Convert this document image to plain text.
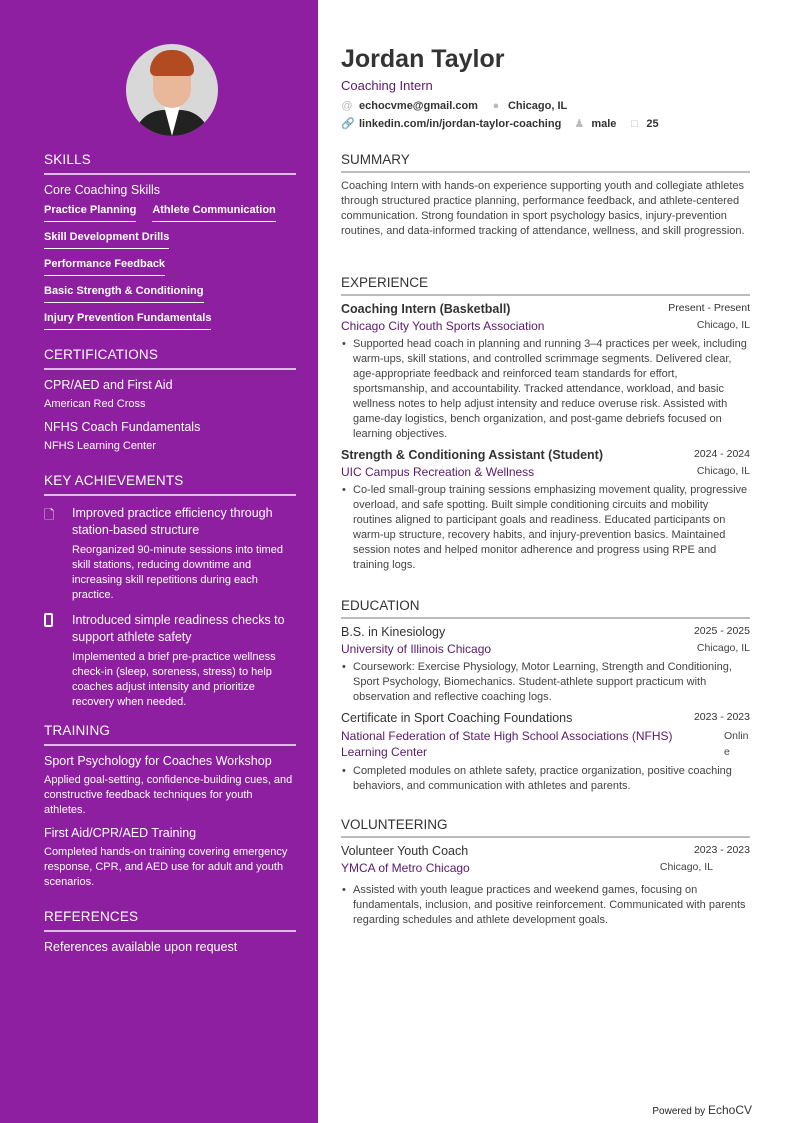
SKILLS
Core Coaching Skills
Practice Planning Athlete Communication
Skill Development Drills
Performance Feedback
Basic Strength & Conditioning
Injury Prevention Fundamentals
CERTIFICATIONS
CPR/AED and First Aid
American Red Cross
NFHS Coach Fundamentals
NFHS Learning Center
KEY ACHIEVEMENTS
🗋	Improved practice efficiency through station-based structure
Reorganized 90-minute sessions into timed skill stations, reducing downtime and increasing skill repetitions during each practice.
Introduced simple readiness checks to support athlete safety
Implemented a brief pre-practice wellness check-in (sleep, soreness, stress) to help coaches adjust intensity and prioritize recovery when needed.
TRAINING
Sport Psychology for Coaches Workshop
Applied goal-setting, confidence-building cues, and constructive feedback techniques for youth athletes.
First Aid/CPR/AED Training
Completed hands-on training covering emergency response, CPR, and AED use for adult and youth scenarios.
REFERENCES
References available upon request
Jordan Taylor
Coaching Intern
@ echocvme@gmail.com ● Chicago, IL
🔗 linkedin.com/in/jordan-taylor-coaching ♟ male □ 25
SUMMARY
Coaching Intern with hands-on experience supporting youth and collegiate athletes through structured practice planning, performance feedback, and athlete-centered communication. Strong foundation in sport psychology basics, injury-prevention routines, and data-informed tracking of attendance, wellness, and skill progression.
EXPERIENCE
Coaching Intern (Basketball)	Present - Present
Chicago City Youth Sports Association	Chicago, IL
• Supported head coach in planning and running 3–4 practices per week, including warm-ups, skill stations, and controlled scrimmage segments. Delivered clear, age-appropriate feedback and reinforced team standards for effort, sportsmanship, and accountability. Tracked attendance, workload, and basic wellness notes to help adjust intensity and reduce overuse risk. Assisted with game-day logistics, bench organization, and post-game debriefs focused on learning objectives.
Strength & Conditioning Assistant (Student)	2024 - 2024
UIC Campus Recreation & Wellness	Chicago, IL
• Co-led small-group training sessions emphasizing movement quality, progressive overload, and safe spotting. Built simple conditioning circuits and mobility routines aligned to participant goals and readiness. Educated participants on warm-up structure, recovery habits, and injury-prevention basics. Maintained session notes and helped monitor adherence and progress using RPE and training logs.
EDUCATION
B.S. in Kinesiology	2025 - 2025
University of Illinois Chicago	Chicago, IL
• Coursework: Exercise Physiology, Motor Learning, Strength and Conditioning, Sport Psychology, Biomechanics. Student-athlete support practicum with observation and reflective coaching logs.
Certificate in Sport Coaching Foundations	2023 - 2023
National Federation of State High School Associations (NFHS) Learning Center
Online
• Completed modules on athlete safety, practice organization, positive coaching behaviors, and communication with athletes and parents.
VOLUNTEERING
Volunteer Youth Coach	2023 - 2023
YMCA of Metro Chicago	Chicago, IL
• Assisted with youth league practices and weekend games, focusing on fundamentals, inclusion, and positive reinforcement. Communicated with parents regarding schedules and athlete development goals.
Powered by EchoCV
